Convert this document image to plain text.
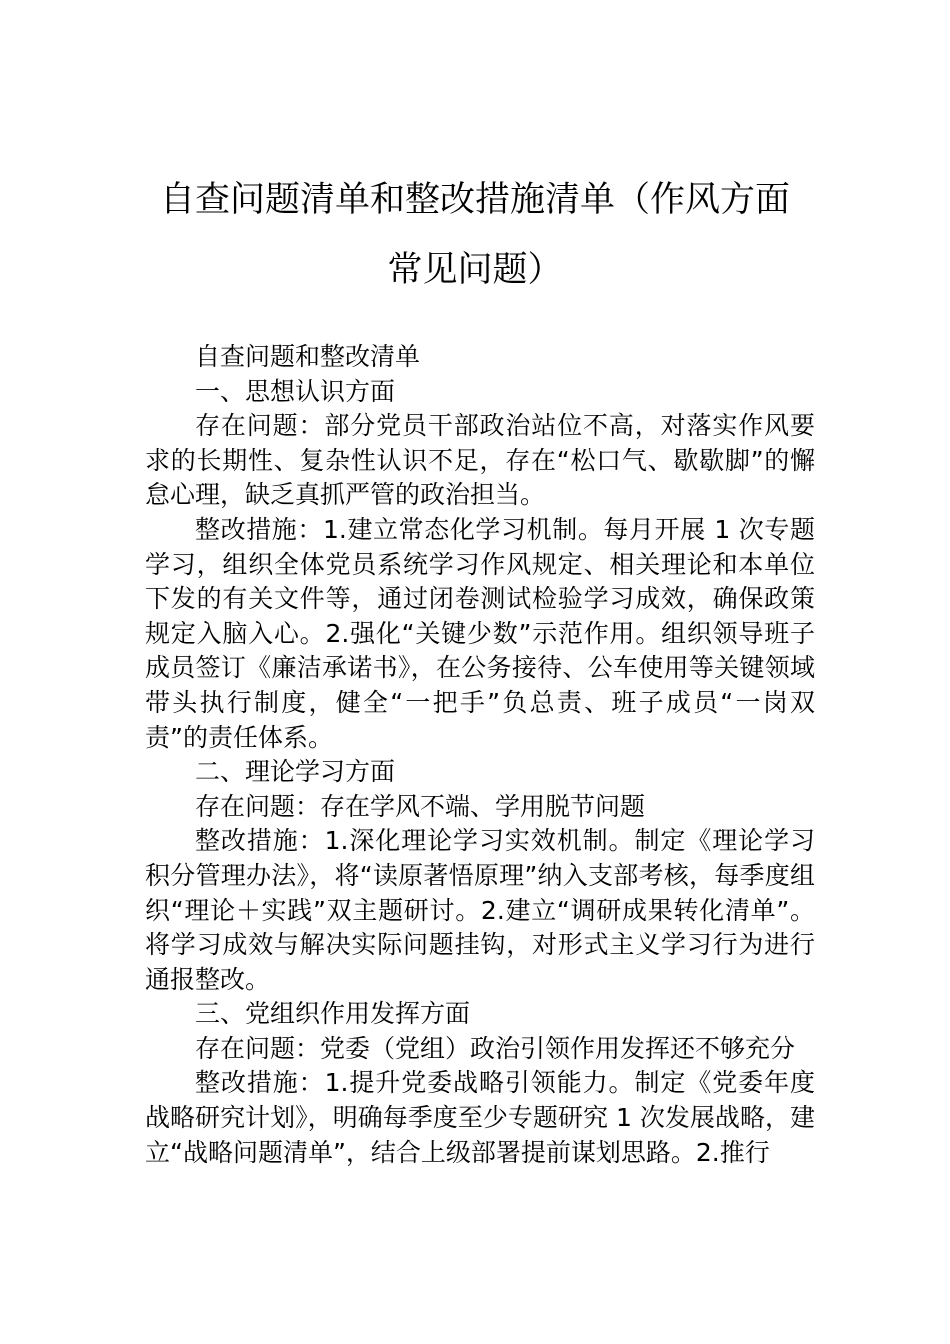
自查问题清单和整改措施清单（作风方面
常见问题）

自查问题和整改清单

一、思想认识方面

存在问题：部分党员干部政治站位不高，对落实作风要求的长期性、复杂性认识不足，存在“松口气、歇歇脚”的懈怠心理，缺乏真抓严管的政治担当。

整改措施：1.建立常态化学习机制。每月开展 1 次专题学习，组织全体党员系统学习作风规定、相关理论和本单位下发的有关文件等，通过闭卷测试检验学习成效，确保政策规定入脑入心。2.强化“关键少数”示范作用。组织领导班子成员签订《廉洁承诺书》，在公务接待、公车使用等关键领域带头执行制度，健全“一把手”负总责、班子成员“一岗双责”的责任体系。

二、理论学习方面

存在问题：存在学风不端、学用脱节问题

整改措施：1.深化理论学习实效机制。制定《理论学习积分管理办法》，将“读原著悟原理”纳入支部考核，每季度组织“理论＋实践”双主题研讨。2.建立“调研成果转化清单”。将学习成效与解决实际问题挂钩，对形式主义学习行为进行通报整改。

三、党组织作用发挥方面

存在问题：党委（党组）政治引领作用发挥还不够充分

整改措施：1.提升党委战略引领能力。制定《党委年度战略研究计划》，明确每季度至少专题研究 1 次发展战略，建立“战略问题清单”，结合上级部署提前谋划思路。2.推行
